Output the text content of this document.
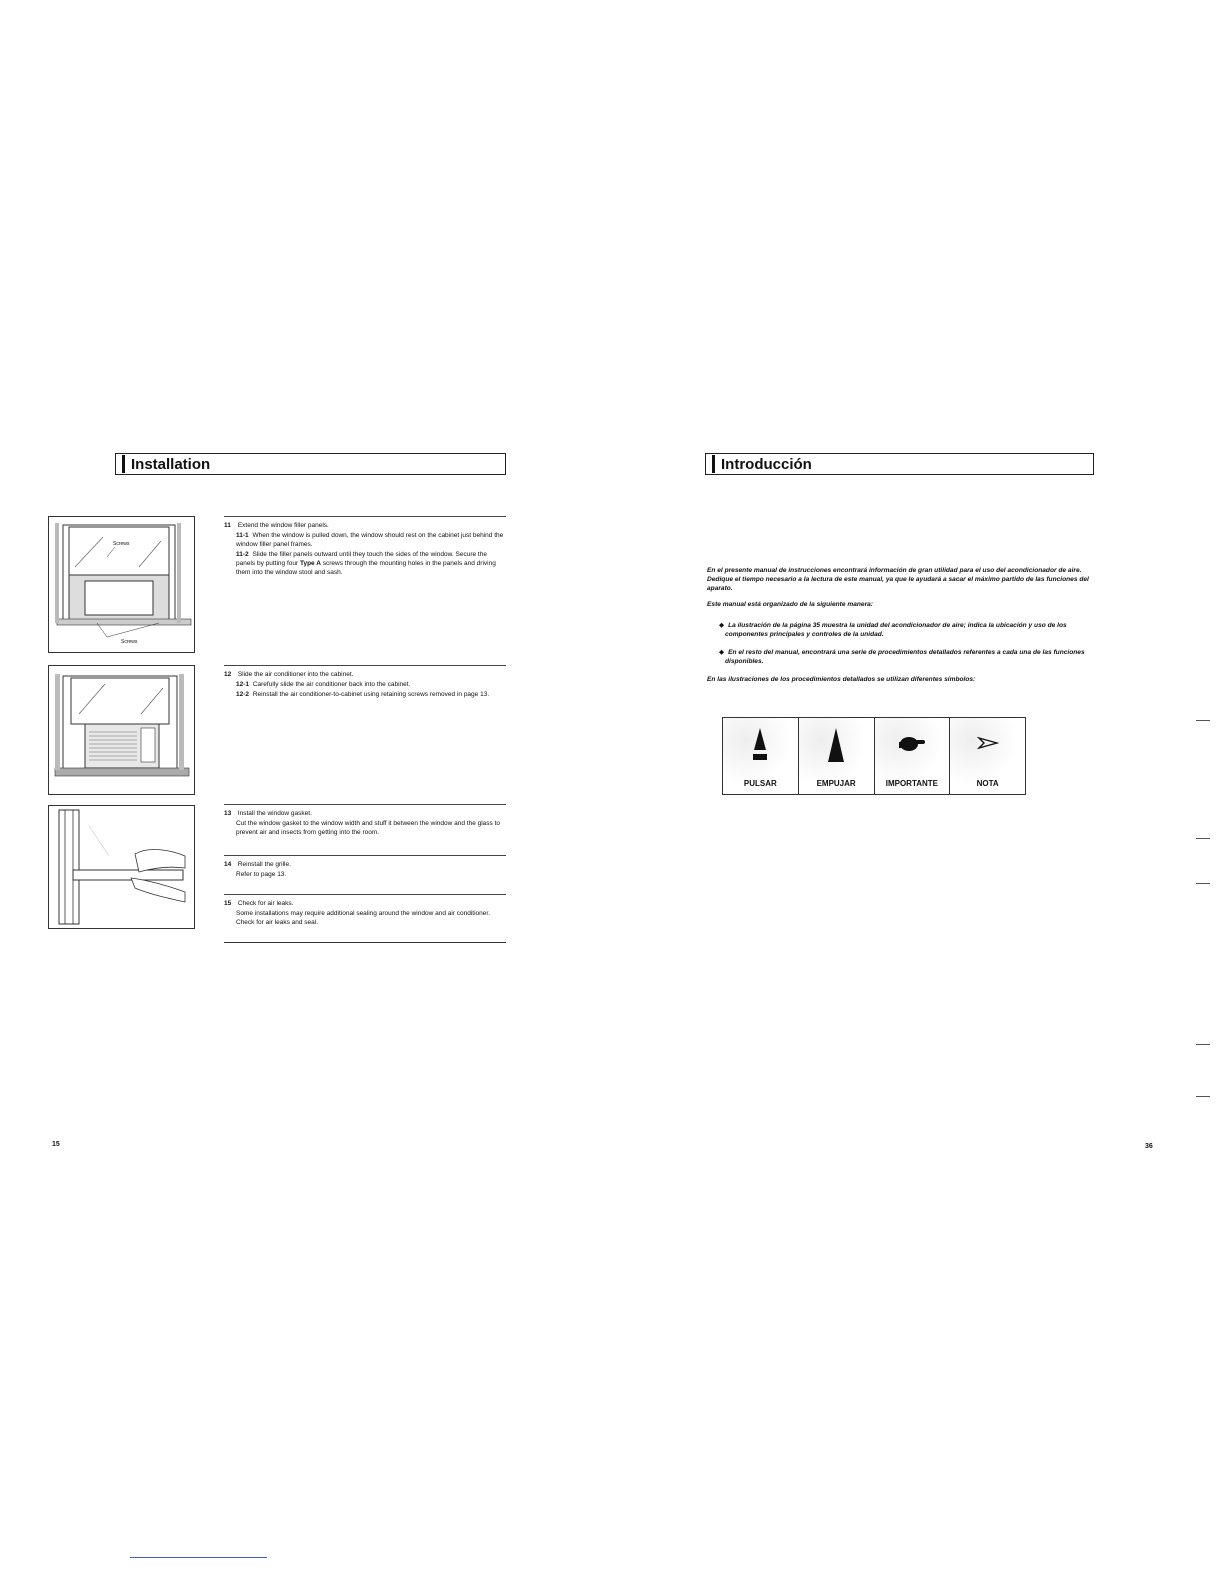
Installation
Screws
Screws
11 Extend the window filler panels.
11-1 When the window is pulled down, the window should rest on the cabinet just behind the window filler panel frames.
11-2 Slide the filler panels outward until they touch the sides of the window. Secure the panels by putting four Type A screws through the mounting holes in the panels and driving them into the window stool and sash.
12 Slide the air conditioner into the cabinet.
12-1 Carefully slide the air conditioner back into the cabinet.
12-2 Reinstall the air conditioner-to-cabinet using retaining screws removed in page 13.
13 Install the window gasket.
Cut the window gasket to the window width and stuff it between the window and the glass to prevent air and insects from getting into the room.
14 Reinstall the grille.
Refer to page 13.
15 Check for air leaks.
Some installations may require additional sealing around the window and air conditioner. Check for air leaks and seal.
15
Introducción

En el presente manual de instrucciones encontrará información de gran utilidad para el uso del acondicionador de aire. Dedique el tiempo necesario a la lectura de este manual, ya que le ayudará a sacar el máximo partido de las funciones del aparato.

Este manual está organizado de la siguiente manera:

◆ La ilustración de la página 35 muestra la unidad del acondicionador de aire; indica la ubicación y uso de los componentes principales y controles de la unidad.

◆ En el resto del manual, encontrará una serie de procedimientos detallados referentes a cada una de las funciones disponibles.

En las ilustraciones de los procedimientos detallados se utilizan diferentes símbolos:

PULSAR	EMPUJAR	IMPORTANTE	NOTA
36
